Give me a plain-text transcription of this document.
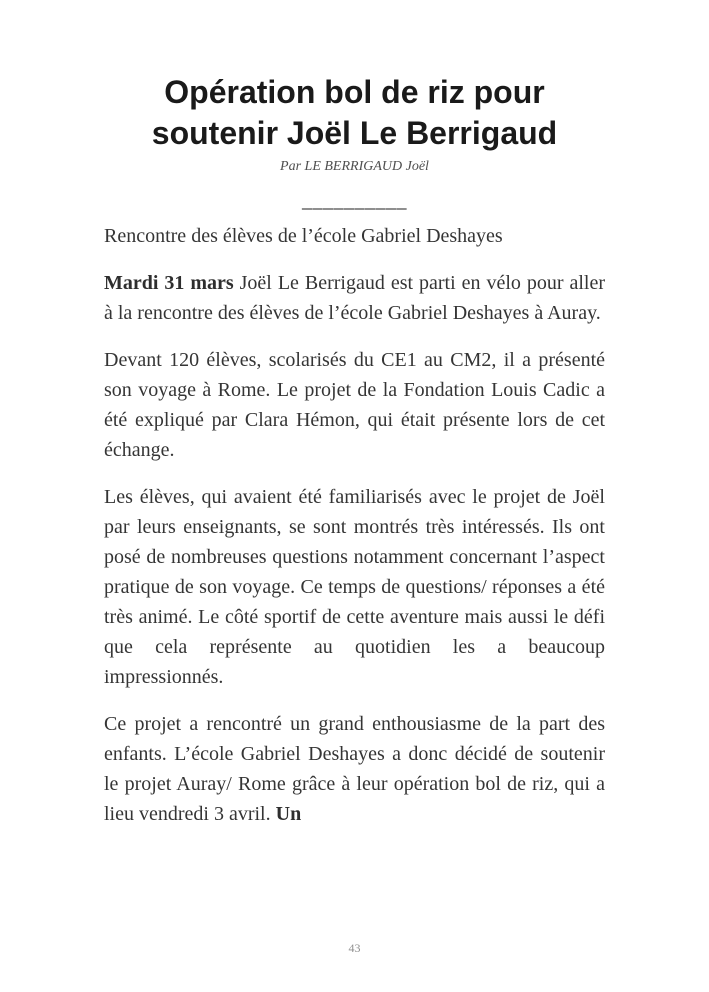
Opération bol de riz pour soutenir Joël Le Berrigaud
Par LE BERRIGAUD Joël
__________

Rencontre des élèves de l’école Gabriel Deshayes

Mardi 31 mars Joël Le Berrigaud est parti en vélo pour aller à la rencontre des élèves de l’école Gabriel Deshayes à Auray.

Devant 120 élèves, scolarisés du CE1 au CM2, il a présenté son voyage à Rome. Le projet de la Fondation Louis Cadic a été expliqué par Clara Hémon, qui était présente lors de cet échange.

Les élèves, qui avaient été familiarisés avec le projet de Joël par leurs enseignants, se sont montrés très intéressés. Ils ont posé de nombreuses questions notamment concernant l’aspect pratique de son voyage. Ce temps de questions/ réponses a été très animé. Le côté sportif de cette aventure mais aussi le défi que cela représente au quotidien les a beaucoup impressionnés.

Ce projet a rencontré un grand enthousiasme de la part des enfants. L’école Gabriel Deshayes a donc décidé de soutenir le projet Auray/ Rome grâce à leur opération bol de riz, qui a lieu vendredi 3 avril. Un

43
